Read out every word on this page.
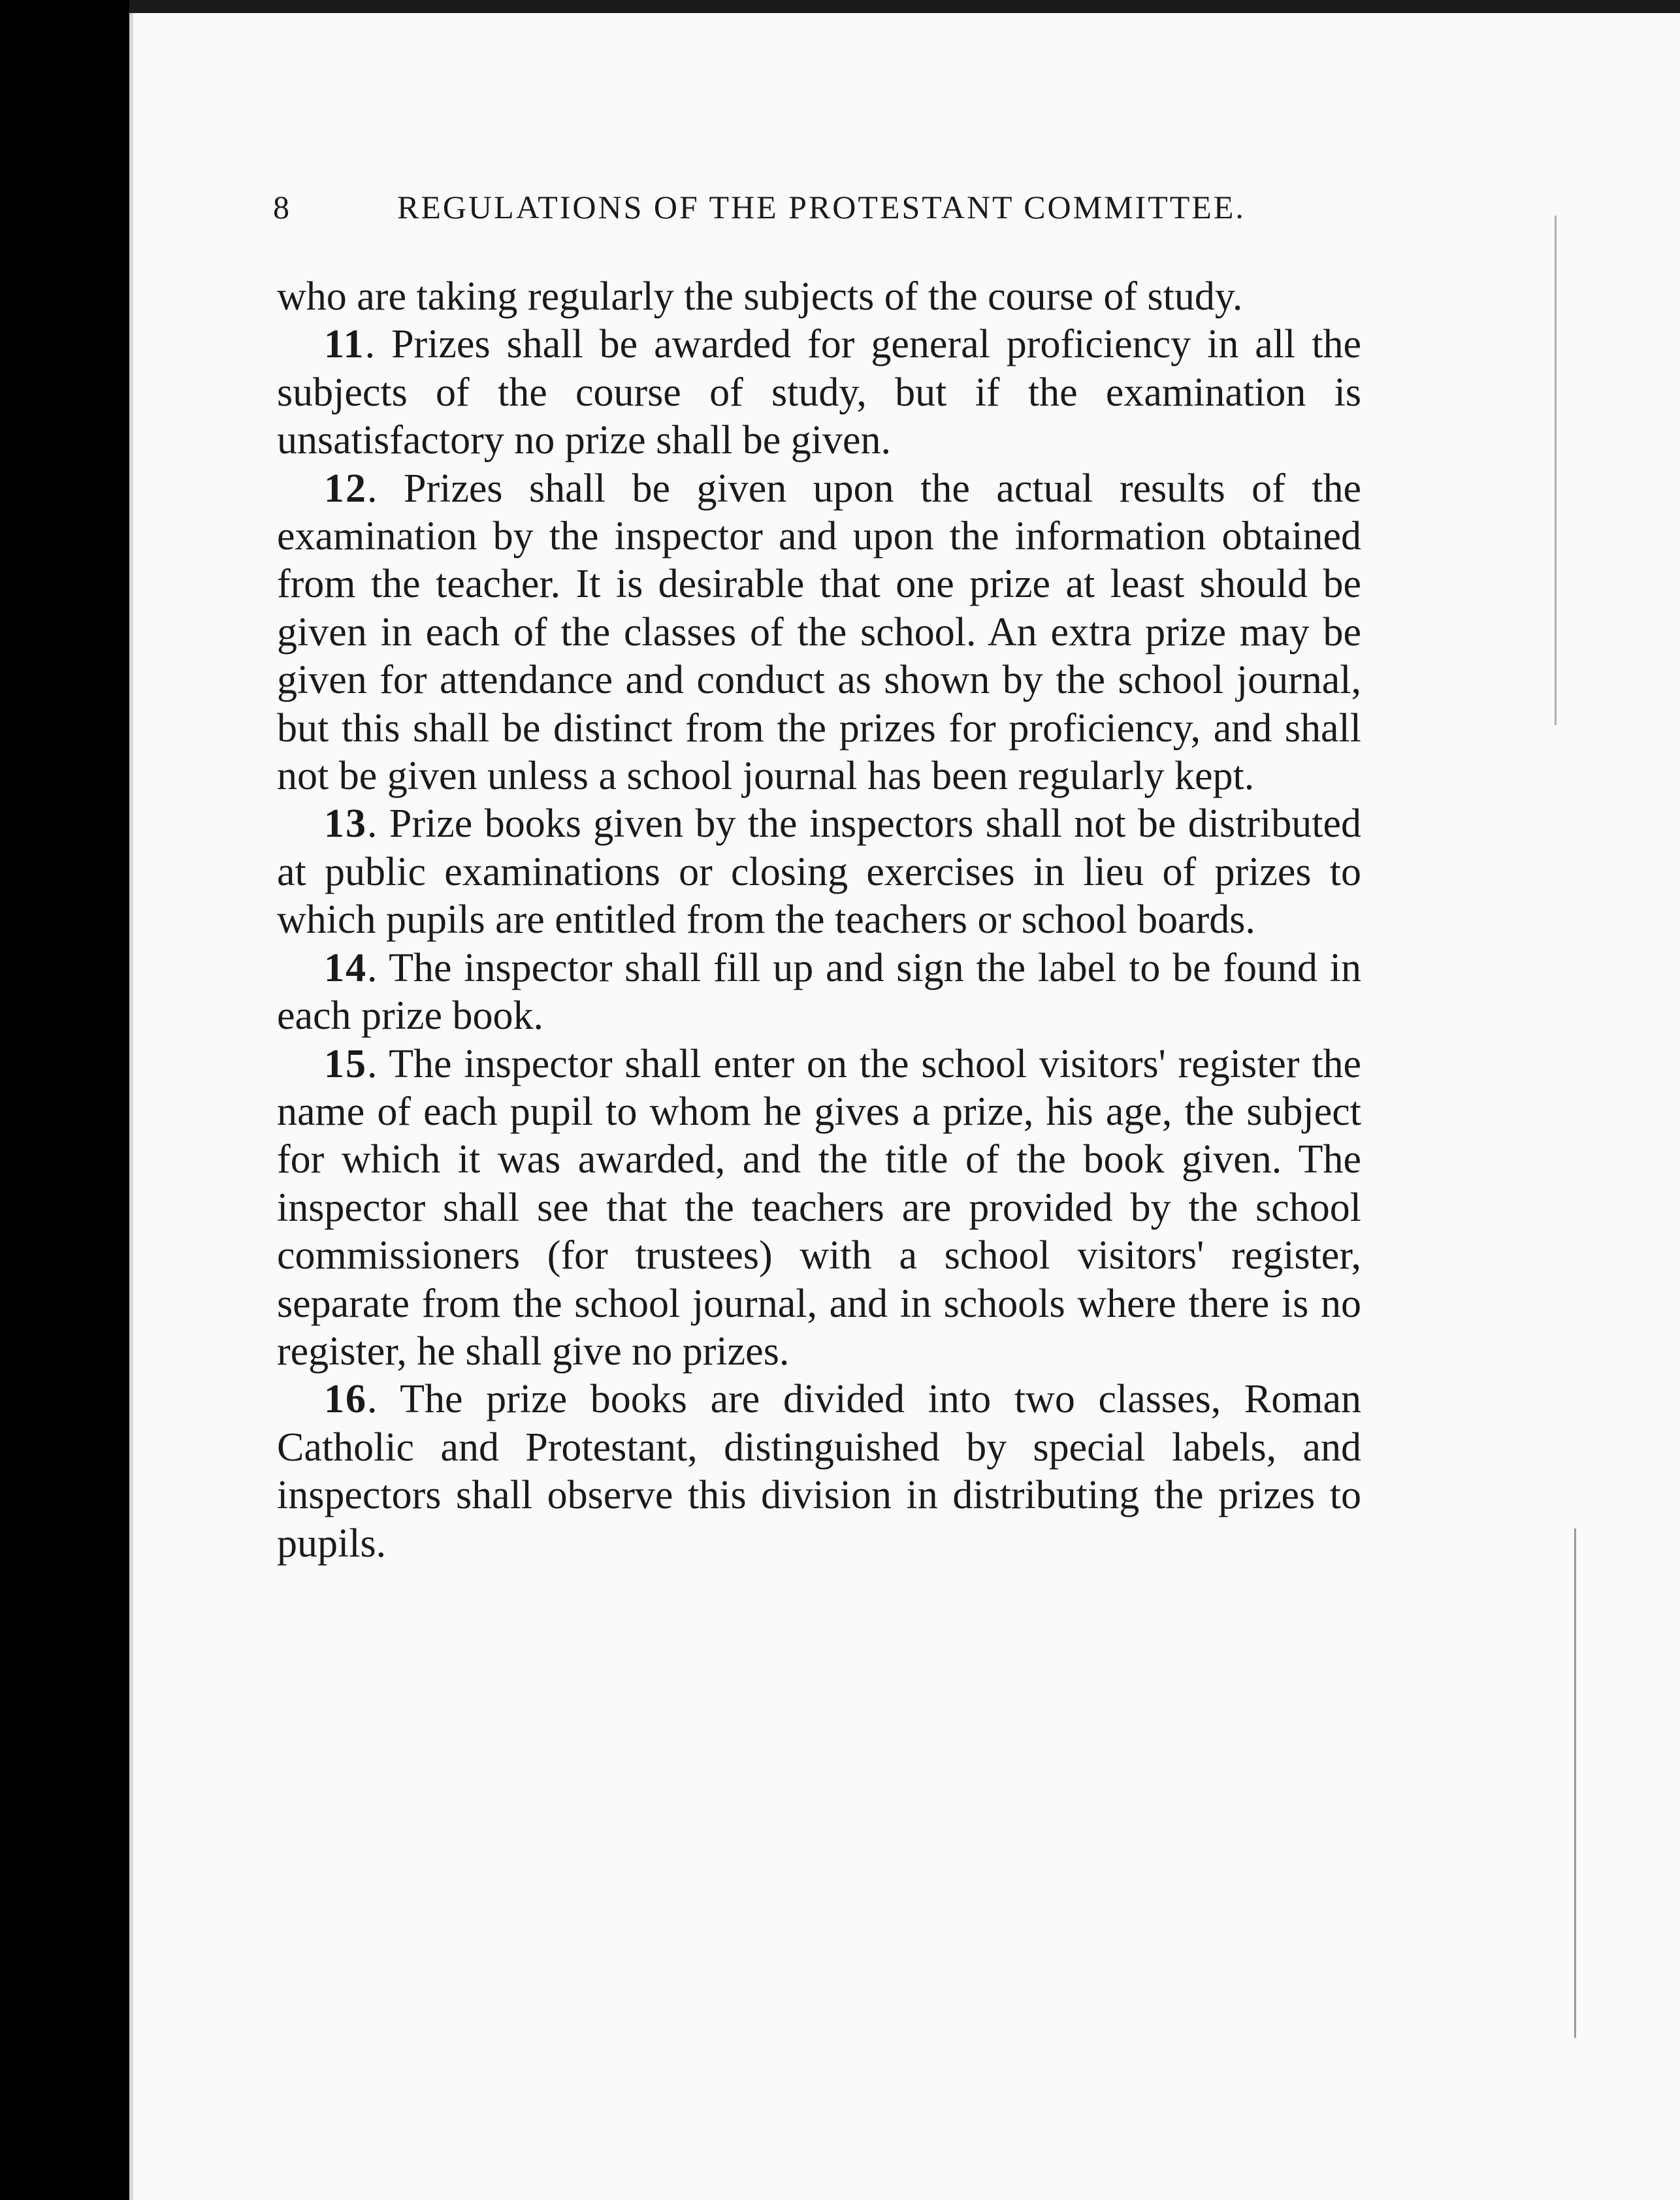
8	REGULATIONS OF THE PROTESTANT COMMITTEE.

who are taking regularly the subjects of the course of study.

11. Prizes shall be awarded for general proficiency in all the subjects of the course of study, but if the examination is unsatisfactory no prize shall be given.

12. Prizes shall be given upon the actual results of the examination by the inspector and upon the information obtained from the teacher. It is desirable that one prize at least should be given in each of the classes of the school. An extra prize may be given for attendance and conduct as shown by the school journal, but this shall be distinct from the prizes for proficiency, and shall not be given unless a school journal has been regularly kept.

13. Prize books given by the inspectors shall not be distributed at public examinations or closing exercises in lieu of prizes to which pupils are entitled from the teachers or school boards.

14. The inspector shall fill up and sign the label to be found in each prize book.

15. The inspector shall enter on the school visitors' register the name of each pupil to whom he gives a prize, his age, the subject for which it was awarded, and the title of the book given. The inspector shall see that the teachers are provided by the school commissioners (for trustees) with a school visitors' register, separate from the school journal, and in schools where there is no register, he shall give no prizes.

16. The prize books are divided into two classes, Roman Catholic and Protestant, distinguished by special labels, and inspectors shall observe this division in distributing the prizes to pupils.
